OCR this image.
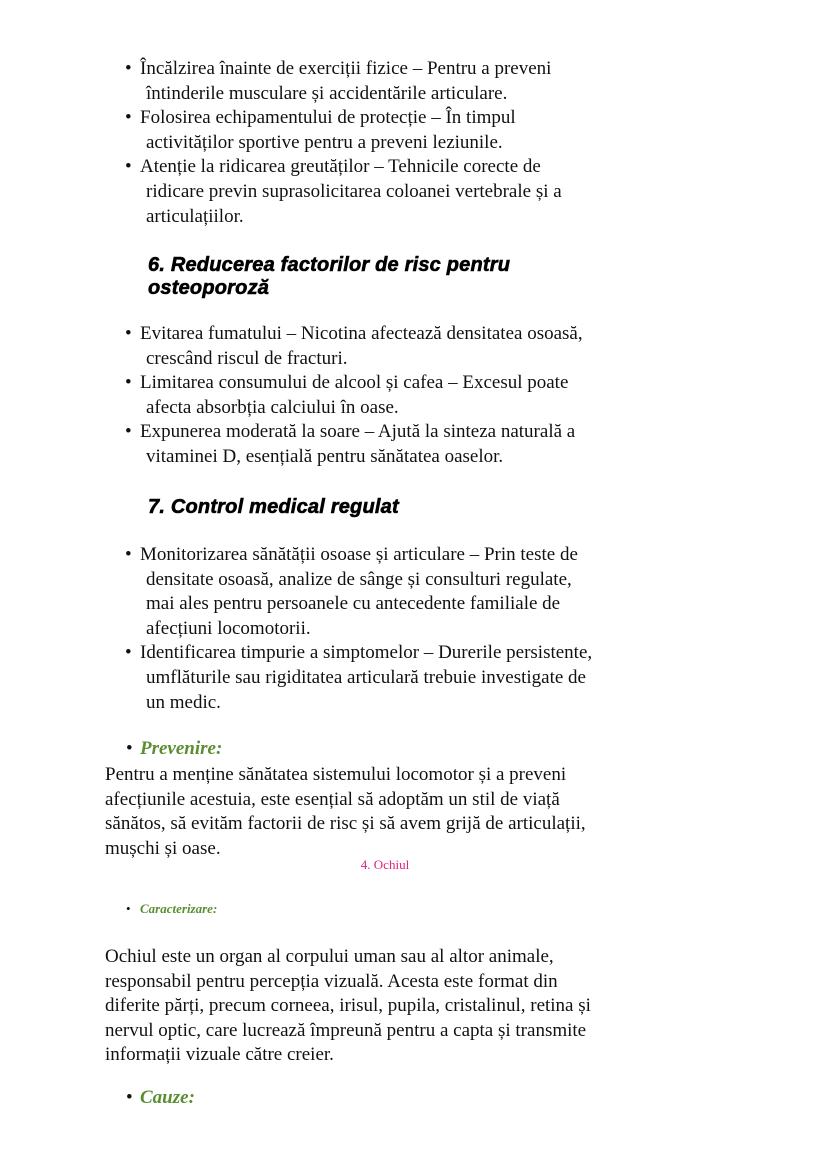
• Încălzirea înainte de exerciții fizice – Pentru a preveni
întinderile musculare și accidentările articulare.
• Folosirea echipamentului de protecție – În timpul
activităților sportive pentru a preveni leziunile.
• Atenție la ridicarea greutăților – Tehnicile corecte de
ridicare previn suprasolicitarea coloanei vertebrale și a
articulațiilor.
6. Reducerea factorilor de risc pentru
osteoporoză
• Evitarea fumatului – Nicotina afectează densitatea osoasă,
crescând riscul de fracturi.
• Limitarea consumului de alcool și cafea – Excesul poate
afecta absorbția calciului în oase.
• Expunerea moderată la soare – Ajută la sinteza naturală a
vitaminei D, esențială pentru sănătatea oaselor.
7. Control medical regulat
• Monitorizarea sănătății osoase și articulare – Prin teste de
densitate osoasă, analize de sânge și consulturi regulate,
mai ales pentru persoanele cu antecedente familiale de
afecțiuni locomotorii.
• Identificarea timpurie a simptomelor – Durerile persistente,
umflăturile sau rigiditatea articulară trebuie investigate de
un medic.
• Prevenire:
Pentru a menține sănătatea sistemului locomotor și a preveni
afecțiunile acestuia, este esențial să adoptăm un stil de viață
sănătos, să evităm factorii de risc și să avem grijă de articulații,
mușchi și oase.
4. Ochiul
• Caracterizare:
Ochiul este un organ al corpului uman sau al altor animale,
responsabil pentru percepția vizuală. Acesta este format din
diferite părți, precum corneea, irisul, pupila, cristalinul, retina și
nervul optic, care lucrează împreună pentru a capta și transmite
informații vizuale către creier.
• Cauze:
